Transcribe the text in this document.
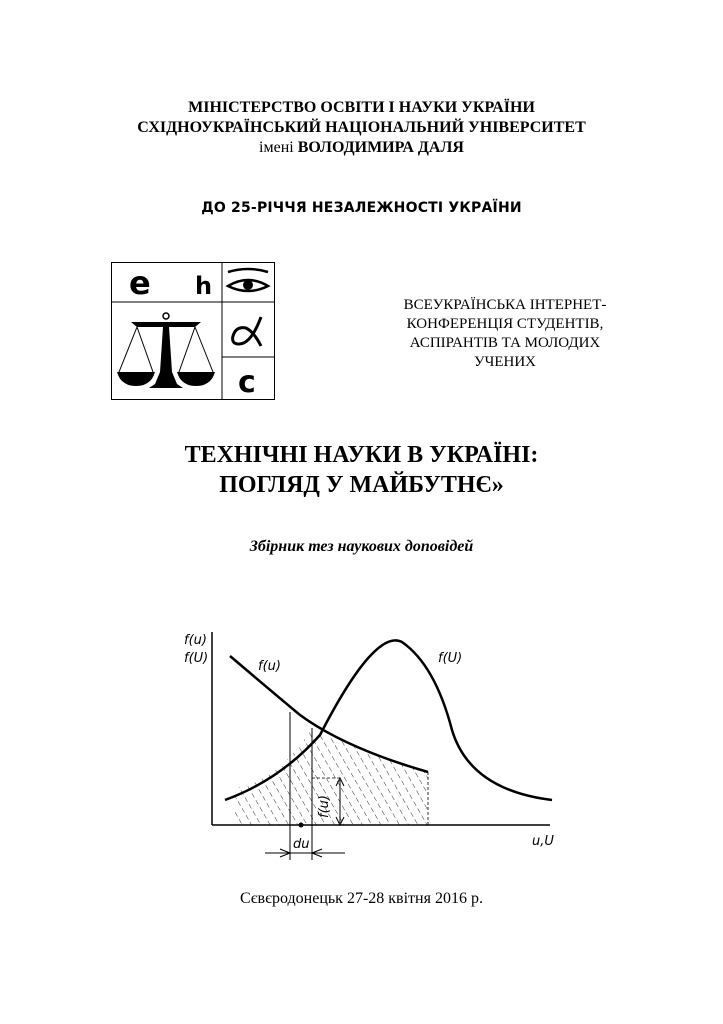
МІНІСТЕРСТВО ОСВІТИ І НАУКИ УКРАЇНИ
СХІДНОУКРАЇНСЬКИЙ НАЦІОНАЛЬНИЙ УНІВЕРСИТЕТ
імені ВОЛОДИМИРА ДАЛЯ
ДО 25-РІЧЧЯ НЕЗАЛЕЖНОСТІ УКРАЇНИ
e h
c
ВСЕУКРАЇНСЬКА ІНТЕРНЕТ-
КОНФЕРЕНЦІЯ СТУДЕНТІВ,
АСПІРАНТІВ ТА МОЛОДИХ
УЧЕНИХ
ТЕХНІЧНІ НАУКИ В УКРАЇНІ:
ПОГЛЯД У МАЙБУТНЄ»
Збірник тез наукових доповідей
f(u)
f(U)
f(u)
f(U)
u,U
du
f(u)
Сєвєродонецьк 27-28 квітня 2016 р.
